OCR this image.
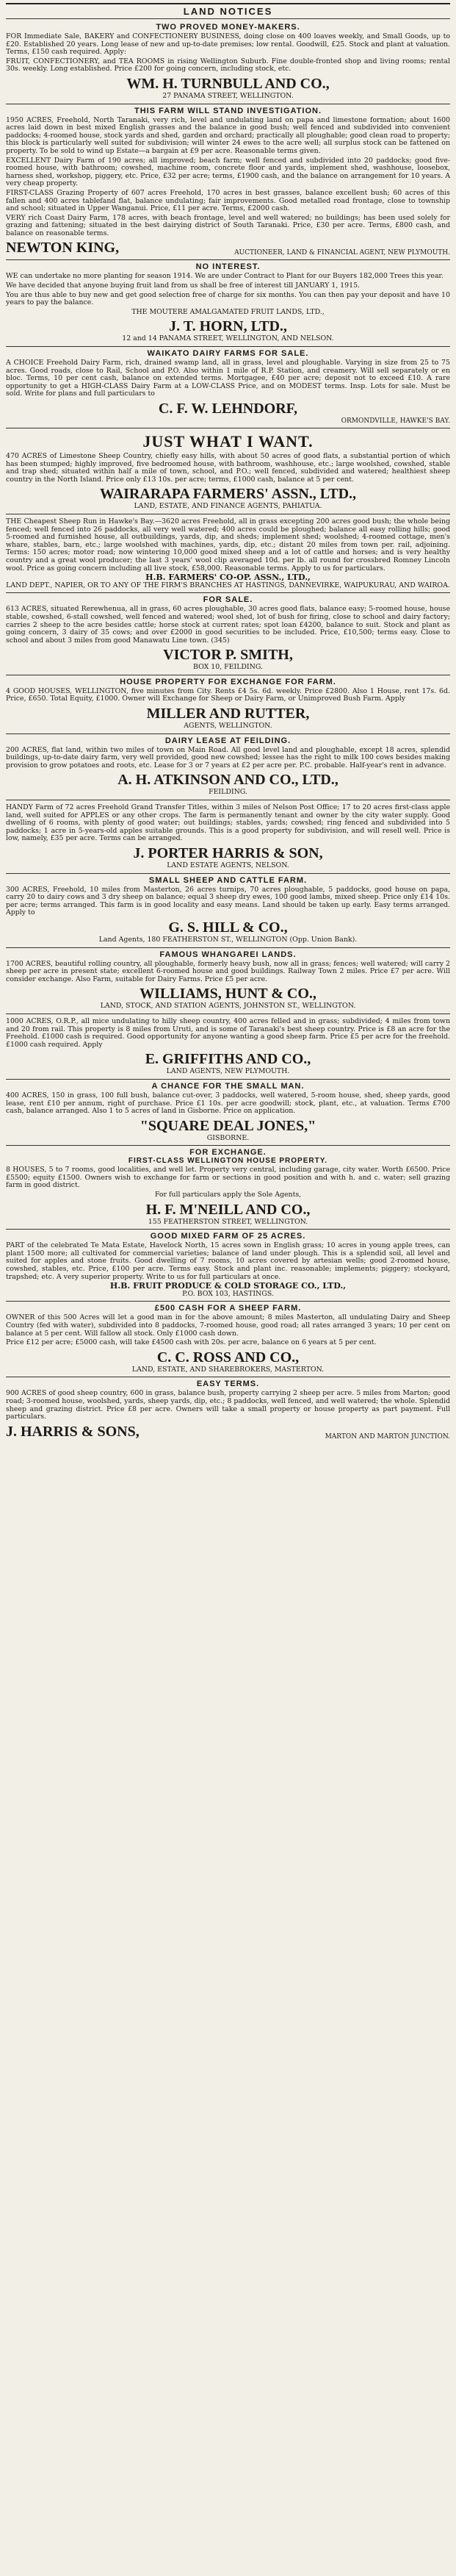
LAND NOTICES
TWO PROVED MONEY-MAKERS.

FOR Immediate Sale, BAKERY and CONFECTIONERY BUSINESS, doing close on 400 loaves weekly, and Small Goods, up to £20. Established 20 years. Long lease of new and up-to-date premises; low rental. Goodwill, £25. Stock and plant at valuation. Terms, £150 cash required. Apply:

FRUIT, CONFECTIONERY, and TEA ROOMS in rising Wellington Suburb. Fine double-fronted shop and living rooms; rental 30s. weekly. Long established. Price £200 for going concern, including stock, etc.

WM. H. TURNBULL AND CO.,
27 PANAMA STREET, WELLINGTON.
THIS FARM WILL STAND INVESTIGATION.

1950 ACRES, Freehold, North Taranaki, very rich, level and undulating land on papa and limestone formation; about 1600 acres laid down in best mixed English grasses and the balance in good bush; well fenced and subdivided into convenient paddocks; 4-roomed house, stock yards and shed, garden and orchard; practically all ploughable; good clean road to property; this block is particularly well suited for subdivision; will winter 24 ewes to the acre well; all surplus stock can be fattened on property. To be sold to wind up Estate—a bargain at £9 per acre. Reasonable terms given.

EXCELLENT Dairy Farm of 190 acres; all improved; beach farm; well fenced and subdivided into 20 paddocks; good five-roomed house, with bathroom; cowshed, machine room, concrete floor and yards, implement shed, washhouse, loosebox, harness shed, workshop, piggery, etc. Price, £32 per acre; terms, £1900 cash, and the balance on arrangement for 10 years. A very cheap property.

FIRST-CLASS Grazing Property of 607 acres Freehold, 170 acres in best grasses, balance excellent bush; 60 acres of this fallen and 400 acres tablefand flat, balance undulating; fair improvements. Good metalled road frontage, close to township and school; situated in Upper Wanganui. Price, £11 per acre. Terms, £2000 cash.

VERY rich Coast Dairy Farm, 178 acres, with beach frontage, level and well watered; no buildings; has been used solely for grazing and fattening; situated in the best dairying district of South Taranaki. Price, £30 per acre. Terms, £800 cash, and balance on reasonable terms.

NEWTON KING,	AUCTIONEER, LAND & FINANCIAL AGENT, NEW PLYMOUTH.
NO INTEREST.

WE can undertake no more planting for season 1914. We are under Contract to Plant for our Buyers 182,000 Trees this year.

We have decided that anyone buying fruit land from us shall be free of interest till JANUARY 1, 1915.

You are thus able to buy new and get good selection free of charge for six months. You can then pay your deposit and have 10 years to pay the balance.

THE MOUTERE AMALGAMATED FRUIT LANDS, LTD.,
J. T. HORN, LTD.,
12 and 14 PANAMA STREET, WELLINGTON, AND NELSON.
WAIKATO DAIRY FARMS FOR SALE.

A CHOICE Freehold Dairy Farm, rich, drained swamp land, all in grass, level and ploughable. Varying in size from 25 to 75 acres. Good roads, close to Rail, School and P.O. Also within 1 mile of R.P. Station, and creamery. Will sell separately or en bloc. Terms, 10 per cent cash, balance on extended terms. Mortgagee, £40 per acre; deposit not to exceed £10. A rare opportunity to get a HIGH-CLASS Dairy Farm at a LOW-CLASS Price, and on MODEST terms. Insp. Lots for sale. Must be sold. Write for plans and full particulars to

C. F. W. LEHNDORF,
ORMONDVILLE, HAWKE'S BAY.
JUST WHAT I WANT.

470 ACRES of Limestone Sheep Country, chiefly easy hills, with about 50 acres of good flats, a substantial portion of which has been stumped; highly improved, five bedroomed house, with bathroom, washhouse, etc.; large woolshed, cowshed, stable and trap shed; situated within half a mile of town, school, and P.O.; well fenced, subdivided and watered; healthiest sheep country in the North Island. Price only £13 10s. per acre; terms, £1000 cash, balance at 5 per cent.

WAIRARAPA FARMERS' ASSN., LTD.,
LAND, ESTATE, AND FINANCE AGENTS, PAHIATUA.

THE Cheapest Sheep Run in Hawke's Bay.—3620 acres Freehold, all in grass excepting 200 acres good bush; the whole being fenced; well fenced into 26 paddocks, all very well watered; 400 acres could be ploughed; balance all easy rolling hills; good 5-roomed and furnished house, all outbuildings, yards, dip, and sheds; implement shed; woolshed; 4-roomed cottage, men's whare, stables, barn, etc.; large woolshed with machines, yards, dip, etc.; distant 20 miles from town per. rail, adjoining. Terms: 150 acres; motor road; now wintering 10,000 good mixed sheep and a lot of cattle and horses; and is very healthy country and a great wool producer; the last 3 years' wool clip averaged 10d. per lb. all round for crossbred Romney Lincoln wool. Price as going concern including all live stock, £58,000. Reasonable terms. Apply to us for particulars.

H.B. FARMERS' CO-OP. ASSN., LTD.,
LAND DEPT., NAPIER, OR TO ANY OF THE FIRM'S BRANCHES AT HASTINGS, DANNEVIRKE, WAIPUKURAU, AND WAIROA.
FOR SALE.

613 ACRES, situated Rerewhenua, all in grass, 60 acres ploughable, 30 acres good flats, balance easy; 5-roomed house, house stable, cowshed, 6-stall cowshed, well fenced and watered; wool shed, lot of bush for firing, close to school and dairy factory; carries 2 sheep to the acre besides cattle; horse stock at current rates; spot loan £4200, balance to suit. Stock and plant as going concern, 3 dairy of 35 cows; and over £2000 in good securities to be included. Price, £10,500; terms easy. Close to school and about 3 miles from good Manawatu Line town. (345)

VICTOR P. SMITH,
BOX 10, FEILDING.
HOUSE PROPERTY FOR EXCHANGE FOR FARM.

4 GOOD HOUSES, WELLINGTON, five minutes from City. Rents £4 5s. 6d. weekly. Price £2800. Also 1 House, rent 17s. 6d. Price, £650. Total Equity, £1000. Owner will Exchange for Sheep or Dairy Farm, or Unimproved Bush Farm. Apply

MILLER AND RUTTER,
AGENTS, WELLINGTON.
DAIRY LEASE AT FEILDING.

200 ACRES, flat land, within two miles of town on Main Road. All good level land and ploughable, except 18 acres, splendid buildings, up-to-date dairy farm, very well provided, good new cowshed; lessee has the right to milk 100 cows besides making provision to grow potatoes and roots, etc. Lease for 3 or 7 years at £2 per acre per. P.C. probable. Half-year's rent in advance.

A. H. ATKINSON AND CO., LTD.,
FEILDING.

HANDY Farm of 72 acres Freehold Grand Transfer Titles, within 3 miles of Nelson Post Office; 17 to 20 acres first-class apple land, well suited for APPLES or any other crops. The farm is permanently tenant and owner by the city water supply. Good dwelling of 6 rooms, with plenty of good water; out buildings; stables, yards; cowshed; ring fenced and subdivided into 5 paddocks; 1 acre in 5-years-old apples suitable grounds. This is a good property for subdivision, and will resell well. Price is low, namely, £35 per acre. Terms can be arranged.

J. PORTER HARRIS & SON,
LAND ESTATE AGENTS, NELSON.
SMALL SHEEP AND CATTLE FARM.

300 ACRES, Freehold, 10 miles from Masterton, 26 acres turnips, 70 acres ploughable, 5 paddocks, good house on papa, carry 20 to dairy cows and 3 dry sheep on balance; equal 3 sheep dry ewes, 100 good lambs, mixed sheep. Price only £14 10s. per acre; terms arranged. This farm is in good locality and easy means. Land should be taken up early. Easy terms arranged. Apply to

G. S. HILL & CO.,
Land Agents, 180 FEATHERSTON ST., WELLINGTON (Opp. Union Bank).
FAMOUS WHANGAREI LANDS.

1700 ACRES, beautiful rolling country, all ploughable, formerly heavy bush, now all in grass; fences; well watered; will carry 2 sheep per acre in present state; excellent 6-roomed house and good buildings. Railway Town 2 miles. Price £7 per acre. Will consider exchange. Also Farm, suitable for Dairy Farms. Price £5 per acre.

WILLIAMS, HUNT & CO.,
LAND, STOCK, AND STATION AGENTS, JOHNSTON ST., WELLINGTON.

1000 ACRES, O.R.P., all mice undulating to hilly sheep country, 400 acres felled and in grass; subdivided; 4 miles from town and 20 from rail. This property is 8 miles from Uruti, and is some of Taranaki's best sheep country. Price is £8 an acre for the Freehold. £1000 cash is required. Good opportunity for anyone wanting a good sheep farm. Price £5 per acre for the freehold. £1000 cash required. Apply

E. GRIFFITHS AND CO.,
LAND AGENTS, NEW PLYMOUTH.
A CHANCE FOR THE SMALL MAN.

400 ACRES, 150 in grass, 100 full bush, balance cut-over, 3 paddocks, well watered, 5-room house, shed, sheep yards, good lease, rent £10 per annum, right of purchase. Price £1 10s. per acre goodwill; stock, plant, etc., at valuation. Terms £700 cash, balance arranged. Also 1 to 5 acres of land in Gisborne. Price on application.

"SQUARE DEAL JONES,"
GISBORNE.
FOR EXCHANGE.
FIRST-CLASS WELLINGTON HOUSE PROPERTY.

8 HOUSES, 5 to 7 rooms, good localities, and well let. Property very central, including garage, city water. Worth £6500. Price £5500; equity £1500. Owners wish to exchange for farm or sections in good position and with h. and c. water; sell grazing farm in good district.

For full particulars apply the Sole Agents,
H. F. M'NEILL AND CO.,
155 FEATHERSTON STREET, WELLINGTON.
GOOD MIXED FARM OF 25 ACRES.

PART of the celebrated Te Mata Estate, Havelock North, 15 acres sown in English grass; 10 acres in young apple trees, can plant 1500 more; all cultivated for commercial varieties; balance of land under plough. This is a splendid soil, all level and suited for apples and stone fruits. Good dwelling of 7 rooms, 10 acres covered by artesian wells; good 2-roomed house, cowshed, stables, etc. Price, £100 per acre. Terms easy. Stock and plant inc. reasonable; implements; piggery; stockyard, trapshed; etc. A very superior property. Write to us for full particulars at once.

H.B. FRUIT PRODUCE & COLD STORAGE CO., LTD.,
P.O. BOX 103, HASTINGS.
£500 CASH FOR A SHEEP FARM.

OWNER of this 500 Acres will let a good man in for the above amount; 8 miles Masterton, all undulating Dairy and Sheep Country (fed with water), subdivided into 8 paddocks, 7-roomed house, good road; all rates arranged 3 years; 10 per cent on balance at 5 per cent. Will fallow all stock. Only £1000 cash down.

Price £12 per acre; £5000 cash, will take £4500 cash with 20s. per acre, balance on 6 years at 5 per cent.

C. C. ROSS AND CO.,
LAND, ESTATE, AND SHAREBROKERS, MASTERTON.
EASY TERMS.

900 ACRES of good sheep country, 600 in grass, balance bush, property carrying 2 sheep per acre. 5 miles from Marton; good road; 3-roomed house, woolshed, yards, sheep yards, dip, etc.; 8 paddocks, well fenced, and well watered; the whole. Splendid sheep and grazing district. Price £8 per acre. Owners will take a small property or house property as part payment. Full particulars.

J. HARRIS & SONS,	MARTON AND MARTON JUNCTION.
